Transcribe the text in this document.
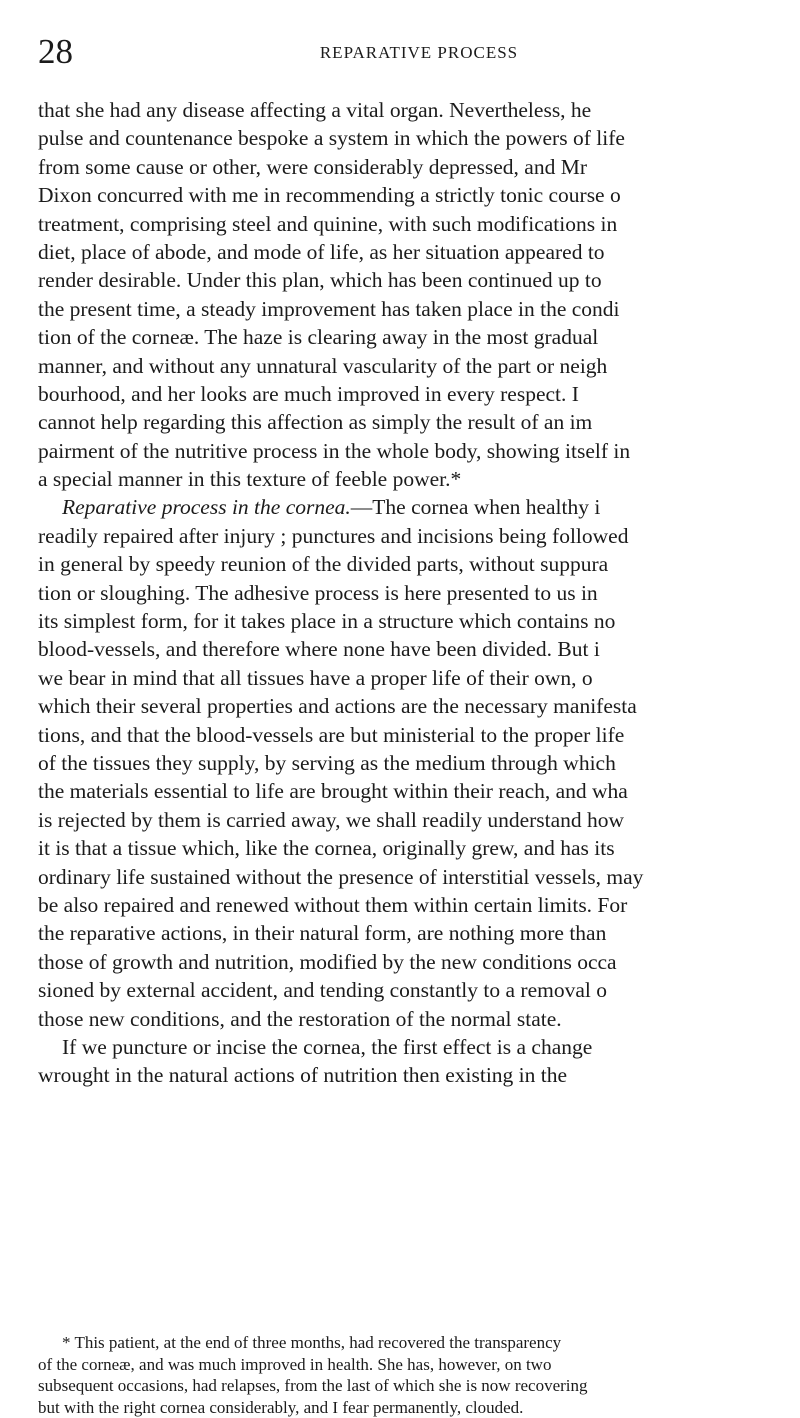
28	REPARATIVE PROCESS
that she had any disease affecting a vital organ. Nevertheless, he
pulse and countenance bespoke a system in which the powers of life
from some cause or other, were considerably depressed, and Mr
Dixon concurred with me in recommending a strictly tonic course o
treatment, comprising steel and quinine, with such modifications in
diet, place of abode, and mode of life, as her situation appeared to
render desirable. Under this plan, which has been continued up to
the present time, a steady improvement has taken place in the condi
tion of the corneæ. The haze is clearing away in the most gradual
manner, and without any unnatural vascularity of the part or neigh
bourhood, and her looks are much improved in every respect. I
cannot help regarding this affection as simply the result of an im
pairment of the nutritive process in the whole body, showing itself in
a special manner in this texture of feeble power.*
Reparative process in the cornea.—The cornea when healthy i
readily repaired after injury ; punctures and incisions being followed
in general by speedy reunion of the divided parts, without suppura
tion or sloughing. The adhesive process is here presented to us in
its simplest form, for it takes place in a structure which contains no
blood-vessels, and therefore where none have been divided. But i
we bear in mind that all tissues have a proper life of their own, o
which their several properties and actions are the necessary manifesta
tions, and that the blood-vessels are but ministerial to the proper life
of the tissues they supply, by serving as the medium through which
the materials essential to life are brought within their reach, and wha
is rejected by them is carried away, we shall readily understand how
it is that a tissue which, like the cornea, originally grew, and has its
ordinary life sustained without the presence of interstitial vessels, may
be also repaired and renewed without them within certain limits. For
the reparative actions, in their natural form, are nothing more than
those of growth and nutrition, modified by the new conditions occa
sioned by external accident, and tending constantly to a removal o
those new conditions, and the restoration of the normal state.
If we puncture or incise the cornea, the first effect is a change
wrought in the natural actions of nutrition then existing in the
* This patient, at the end of three months, had recovered the transparency
of the corneæ, and was much improved in health. She has, however, on two
subsequent occasions, had relapses, from the last of which she is now recovering
but with the right cornea considerably, and I fear permanently, clouded.
